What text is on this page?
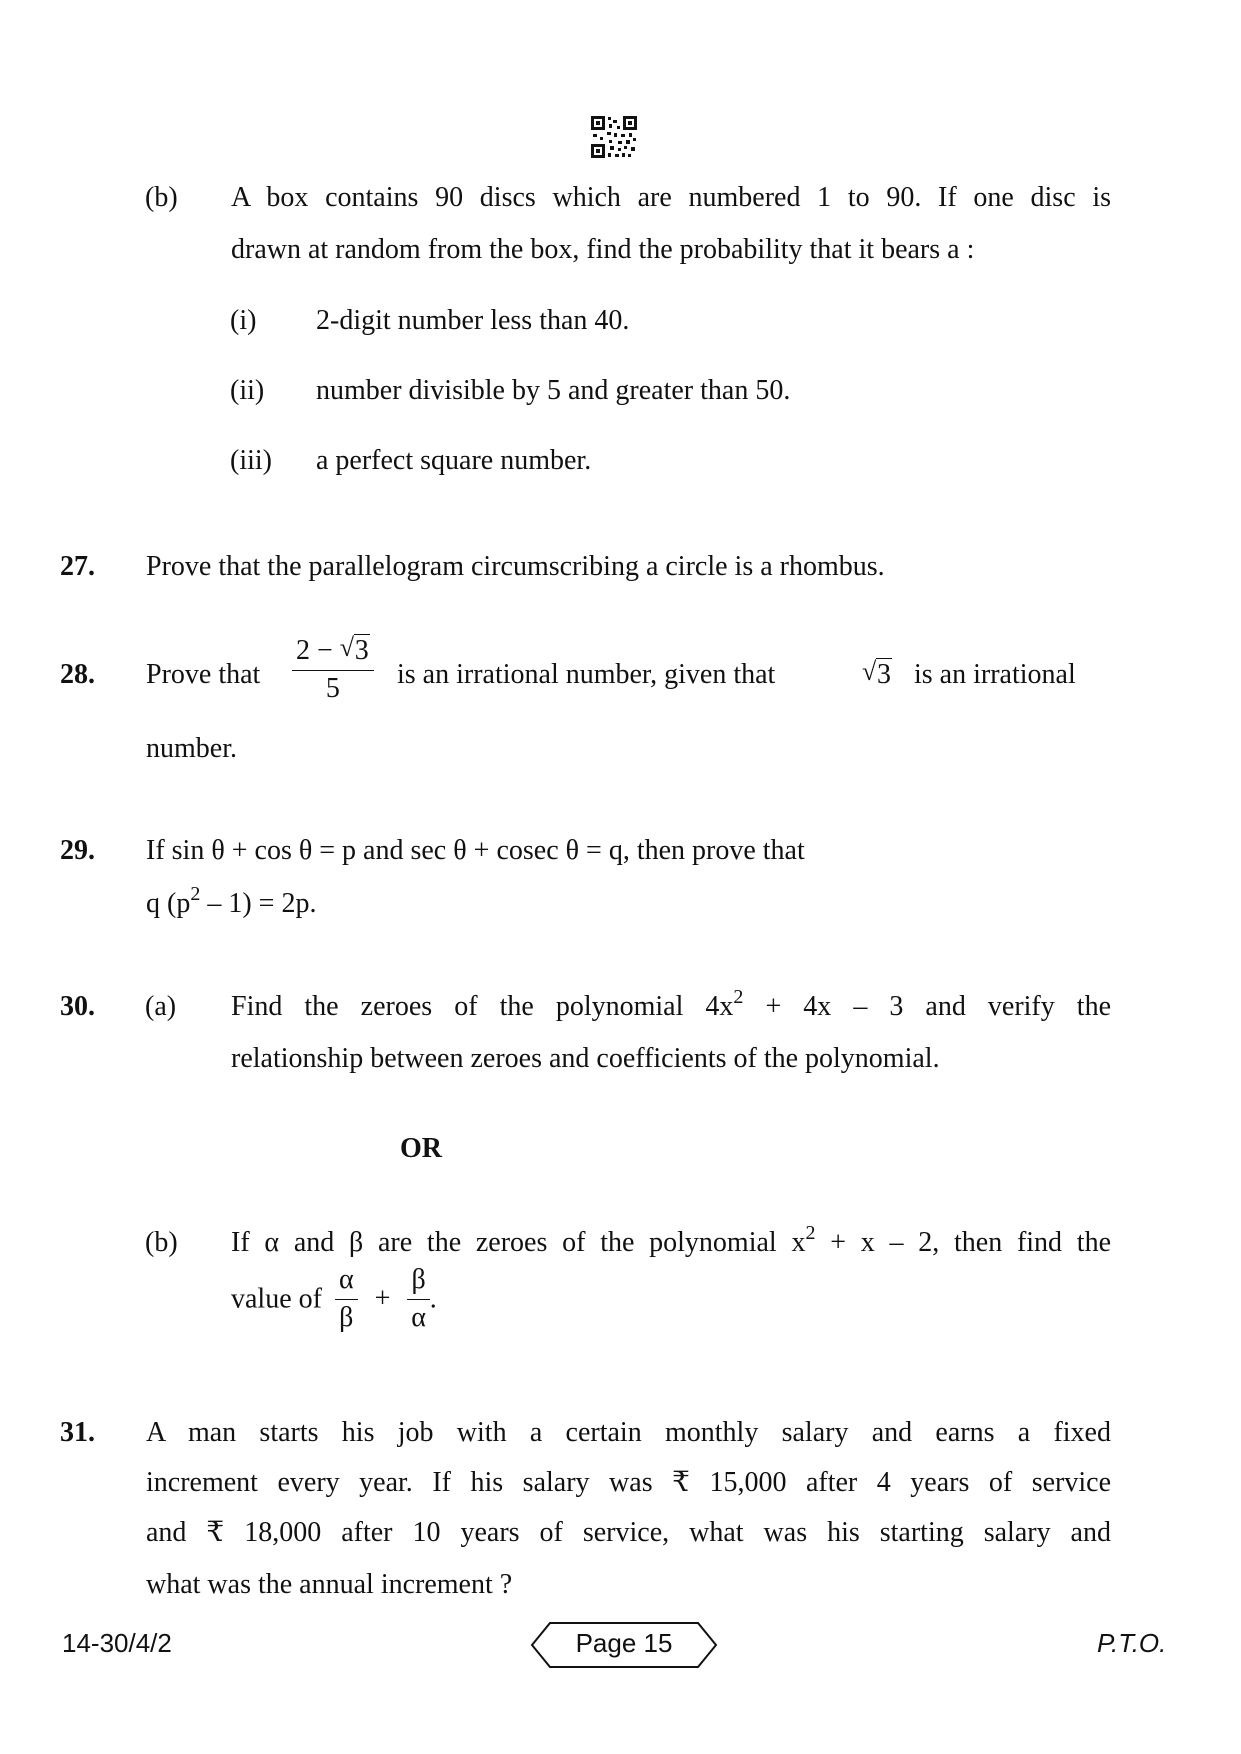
(b) A box contains 90 discs which are numbered 1 to 90. If one disc is
drawn at random from the box, find the probability that it bears a :
(i) 2-digit number less than 40.
(ii) number divisible by 5 and greater than 50.
(iii) a perfect square number.
27. Prove that the parallelogram circumscribing a circle is a rhombus.
28. Prove that $\frac{2 - √ 3}{5}$ is an irrational number, given that	√ 3 is an irrational
number.
29. If sin θ + cos θ = p and sec θ + cosec θ = q, then prove that
q $(p^2 - 1) = 2p$.
30. (a) Find the zeroes of the polynomial $4x^2 + 4x - 3$ and verify the
relationship between zeroes and coefficients of the polynomial.
OR
(b) If α and β are the zeroes of the polynomial $x^2 + x - 2$, then find the
value of $\frac{\alpha}{\beta} + \frac{\beta}{\alpha}$ .
31. A man starts his job with a certain monthly salary and earns a fixed
increment every year. If his salary was ₹ 15,000 after 4 years of service
and ₹ 18,000 after 10 years of service, what was his starting salary and
what was the annual increment ?
14-30/4/2	Page 15	P.T.O.
